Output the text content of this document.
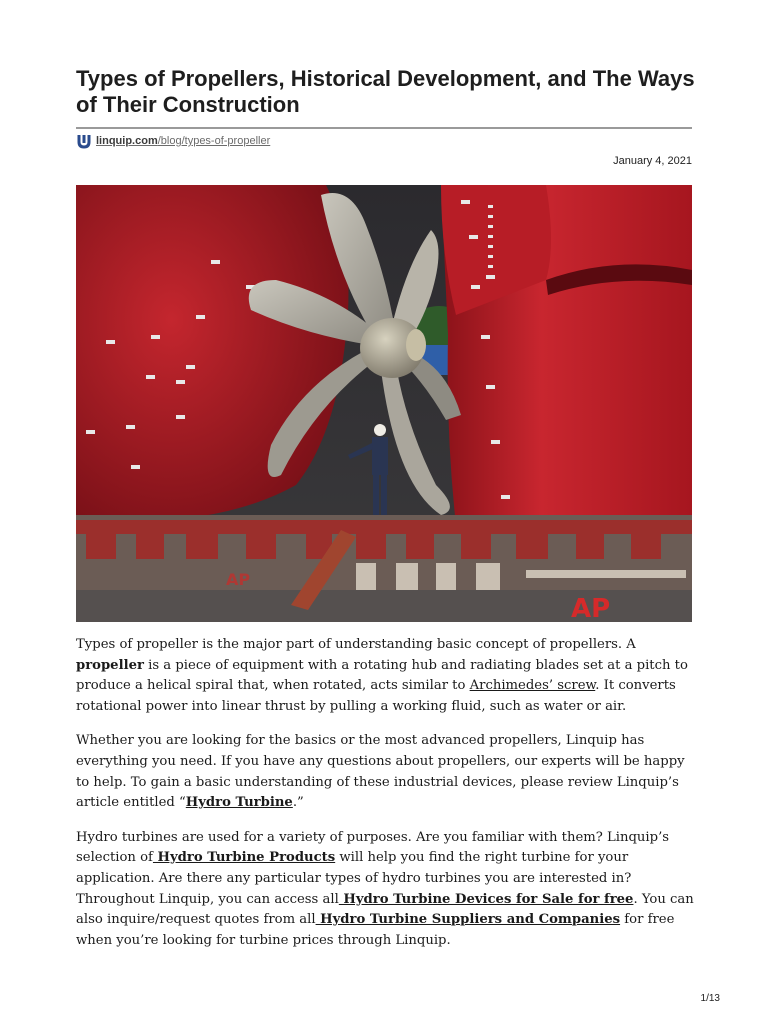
Types of Propellers, Historical Development, and The Ways of Their Construction
linquip.com/blog/types-of-propeller
January 4, 2021
AP
AP

Types of propeller is the major part of understanding basic concept of propellers. A propeller is a piece of equipment with a rotating hub and radiating blades set at a pitch to produce a helical spiral that, when rotated, acts similar to Archimedes’ screw. It converts rotational power into linear thrust by pulling a working fluid, such as water or air.

Whether you are looking for the basics or the most advanced propellers, Linquip has everything you need. If you have any questions about propellers, our experts will be happy to help. To gain a basic understanding of these industrial devices, please review Linquip’s article entitled “Hydro Turbine.”

Hydro turbines are used for a variety of purposes. Are you familiar with them? Linquip’s selection of Hydro Turbine Products will help you find the right turbine for your application. Are there any particular types of hydro turbines you are interested in? Throughout Linquip, you can access all Hydro Turbine Devices for Sale for free. You can also inquire/request quotes from all Hydro Turbine Suppliers and Companies for free when you’re looking for turbine prices through Linquip.

1/13
